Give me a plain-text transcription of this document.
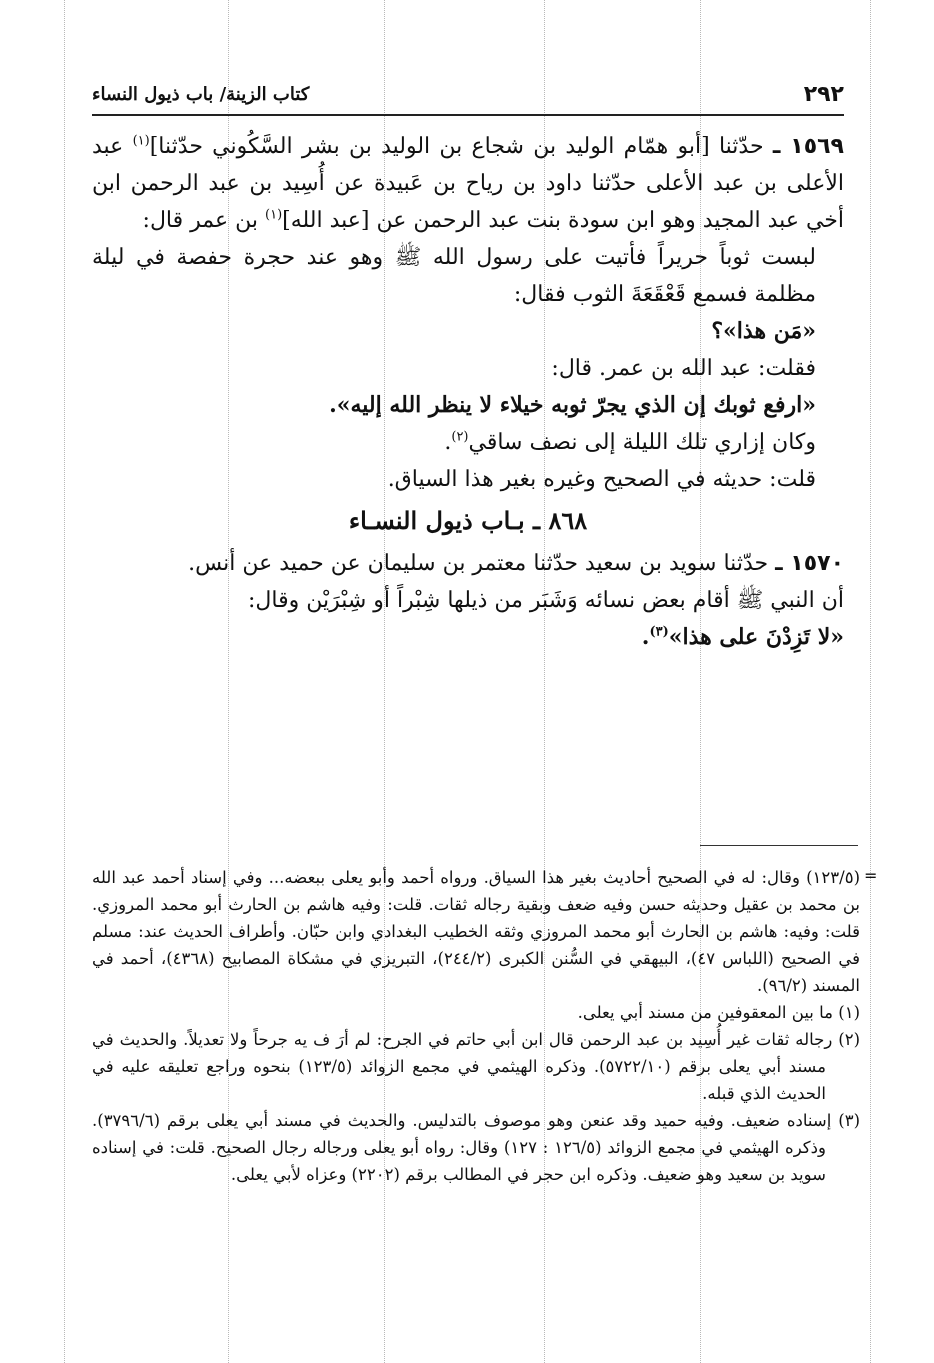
٢٩٢
كتاب الزينة/ باب ذيول النساء

١٥٦٩ ـ حدّثنا [أبو همّام الوليد بن شجاع بن الوليد بن بشر السَّكُوني حدّثنا]$^{(١)}$ عبد الأعلى بن عبد الأعلى حدّثنا داود بن رياح بن عَبيدة عن أُسِيد بن عبد الرحمن ابن أخي عبد المجيد وهو ابن سودة بنت عبد الرحمن عن [عبد الله]$^{(١)}$ بن عمر قال:

لبست ثوباً حريراً فأتيت على رسول الله ﷺ وهو عند حجرة حفصة في ليلة مظلمة فسمع قَعْقَعَةَ الثوب فقال:

«مَن هذا»؟

فقلت: عبد الله بن عمر. قال:

«ارفع ثوبك إن الذي يجرّ ثوبه خيلاء لا ينظر الله إليه».

وكان إزاري تلك الليلة إلى نصف ساقي$^{(٢)}$.

قلت: حديثه في الصحيح وغيره بغير هذا السياق.

٨٦٨ ـ بـاب ذيول النسـاء

١٥٧٠ ـ حدّثنا سويد بن سعيد حدّثنا معتمر بن سليمان عن حميد عن أنس.

أن النبي ﷺ أقام بعض نسائه وَشَبَر من ذيلها شِبْراً أو شِبْرَيْن وقال:

«لا تَزِدْنَ على هذا»$^{(٣)}$.

=

(١٢٣/٥) وقال: له في الصحيح أحاديث بغير هذا السياق. ورواه أحمد وأبو يعلى ببعضه... وفي إسناد أحمد عبد الله بن محمد بن عقيل وحديثه حسن وفيه ضعف وبقية رجاله ثقات. قلت: وفيه هاشم بن الحارث أبو محمد المروزي. قلت: وفيه: هاشم بن الحارث أبو محمد المروزي وثقه الخطيب البغدادي وابن حبّان. وأطراف الحديث عند: مسلم في الصحيح (اللباس ٤٧)، البيهقي في السُّنن الكبرى (٢٤٤/٢)، التبريزي في مشكاة المصابيح (٤٣٦٨)، أحمد في المسند (٩٦/٢).

(١) ما بين المعقوفين من مسند أبي يعلى.

(٢) رجاله ثقات غير أُسِيد بن عبد الرحمن قال ابن أبي حاتم في الجرح: لم أرَ ف يه جرحاً ولا تعديلاً. والحديث في مسند أبي يعلى برقم (٥٧٢٢/١٠). وذكره الهيثمي في مجمع الزوائد (١٢٣/٥) بنحوه وراجع تعليقه عليه في الحديث الذي قبله.

(٣) إسناده ضعيف. وفيه حميد وقد عنعن وهو موصوف بالتدليس. والحديث في مسند أبي يعلى برقم (٣٧٩٦/٦). وذكره الهيثمي في مجمع الزوائد (١٢٦/٥ : ١٢٧) وقال: رواه أبو يعلى ورجاله رجال الصحيح. قلت: في إسناده سويد بن سعيد وهو ضعيف. وذكره ابن حجر في المطالب برقم (٢٢٠٢) وعزاه لأبي يعلى.
